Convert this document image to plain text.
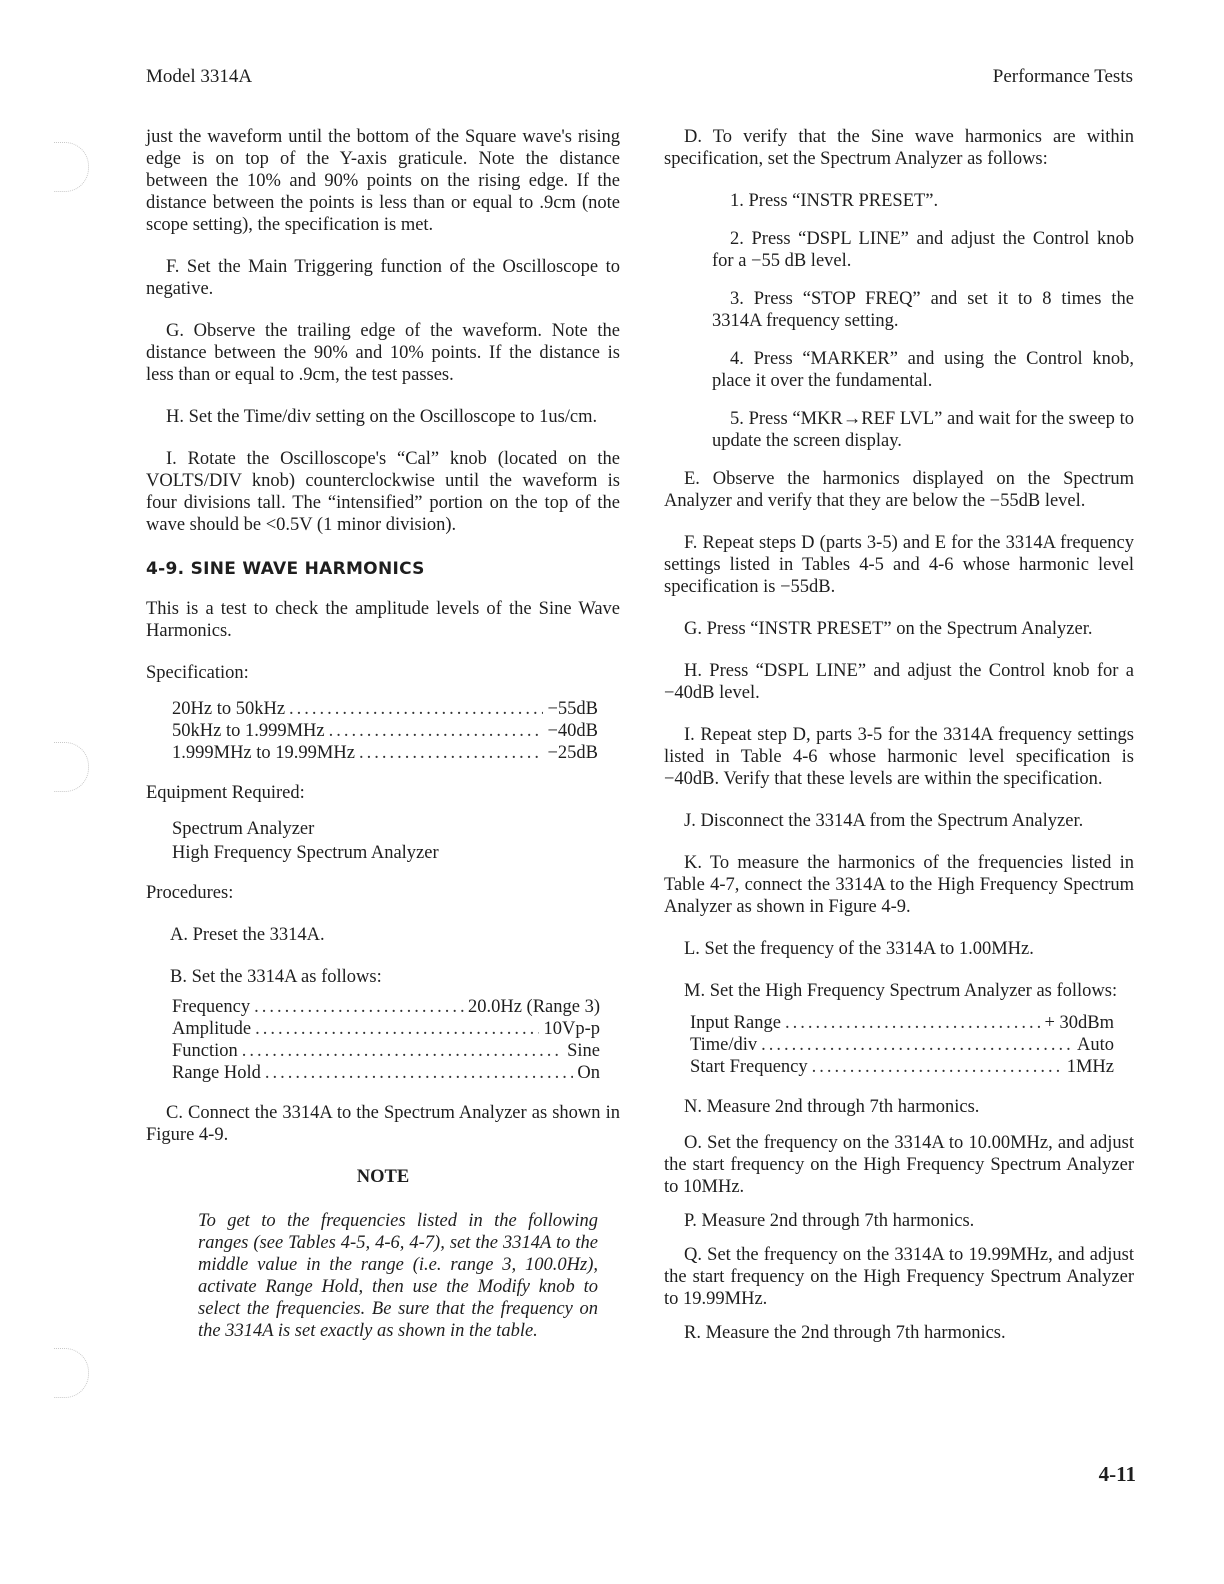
Model 3314A	Performance Tests

just the waveform until the bottom of the Square wave's rising edge is on top of the Y-axis graticule. Note the distance between the 10% and 90% points on the rising edge. If the distance between the points is less than or equal to .9cm (note scope setting), the specification is met.

F. Set the Main Triggering function of the Oscilloscope to negative.

G. Observe the trailing edge of the waveform. Note the distance between the 90% and 10% points. If the distance is less than or equal to .9cm, the test passes.

H. Set the Time/div setting on the Oscilloscope to 1us/cm.

I. Rotate the Oscilloscope's “Cal” knob (located on the VOLTS/DIV knob) counterclockwise until the waveform is four divisions tall. The “intensified” portion on the top of the wave should be <0.5V (1 minor division).

4-9. SINE WAVE HARMONICS

This is a test to check the amplitude levels of the Sine Wave Harmonics.

Specification:

20Hz to 50kHz .....	−55dB
50kHz to 1.999MHz .....	−40dB
1.999MHz to 19.99MHz .....	−25dB

Equipment Required:

Spectrum Analyzer
High Frequency Spectrum Analyzer

Procedures:

A. Preset the 3314A.

B. Set the 3314A as follows:

Frequency .....	20.0Hz (Range 3)
Amplitude .....	10Vp-p
Function .....	Sine
Range Hold .....	On

C. Connect the 3314A to the Spectrum Analyzer as shown in Figure 4-9.

NOTE
To get to the frequencies listed in the following ranges (see Tables 4-5, 4-6, 4-7), set the 3314A to the middle value in the range (i.e. range 3, 100.0Hz), activate Range Hold, then use the Modify knob to select the frequencies. Be sure that the frequency on the 3314A is set exactly as shown in the table.

D. To verify that the Sine wave harmonics are within specification, set the Spectrum Analyzer as follows:

1. Press “INSTR PRESET”.

2. Press “DSPL LINE” and adjust the Control knob for a −55 dB level.

3. Press “STOP FREQ” and set it to 8 times the 3314A frequency setting.

4. Press “MARKER” and using the Control knob, place it over the fundamental.

5. Press “MKR→REF LVL” and wait for the sweep to update the screen display.

E. Observe the harmonics displayed on the Spectrum Analyzer and verify that they are below the −55dB level.

F. Repeat steps D (parts 3-5) and E for the 3314A frequency settings listed in Tables 4-5 and 4-6 whose harmonic level specification is −55dB.

G. Press “INSTR PRESET” on the Spectrum Analyzer.

H. Press “DSPL LINE” and adjust the Control knob for a −40dB level.

I. Repeat step D, parts 3-5 for the 3314A frequency settings listed in Table 4-6 whose harmonic level specification is −40dB. Verify that these levels are within the specification.

J. Disconnect the 3314A from the Spectrum Analyzer.

K. To measure the harmonics of the frequencies listed in Table 4-7, connect the 3314A to the High Frequency Spectrum Analyzer as shown in Figure 4-9.

L. Set the frequency of the 3314A to 1.00MHz.

M. Set the High Frequency Spectrum Analyzer as follows:

Input Range .....	+ 30dBm
Time/div .....	Auto
Start Frequency .....	1MHz

N. Measure 2nd through 7th harmonics.

O. Set the frequency on the 3314A to 10.00MHz, and adjust the start frequency on the High Frequency Spectrum Analyzer to 10MHz.

P. Measure 2nd through 7th harmonics.

Q. Set the frequency on the 3314A to 19.99MHz, and adjust the start frequency on the High Frequency Spectrum Analyzer to 19.99MHz.

R. Measure the 2nd through 7th harmonics.

4-11
